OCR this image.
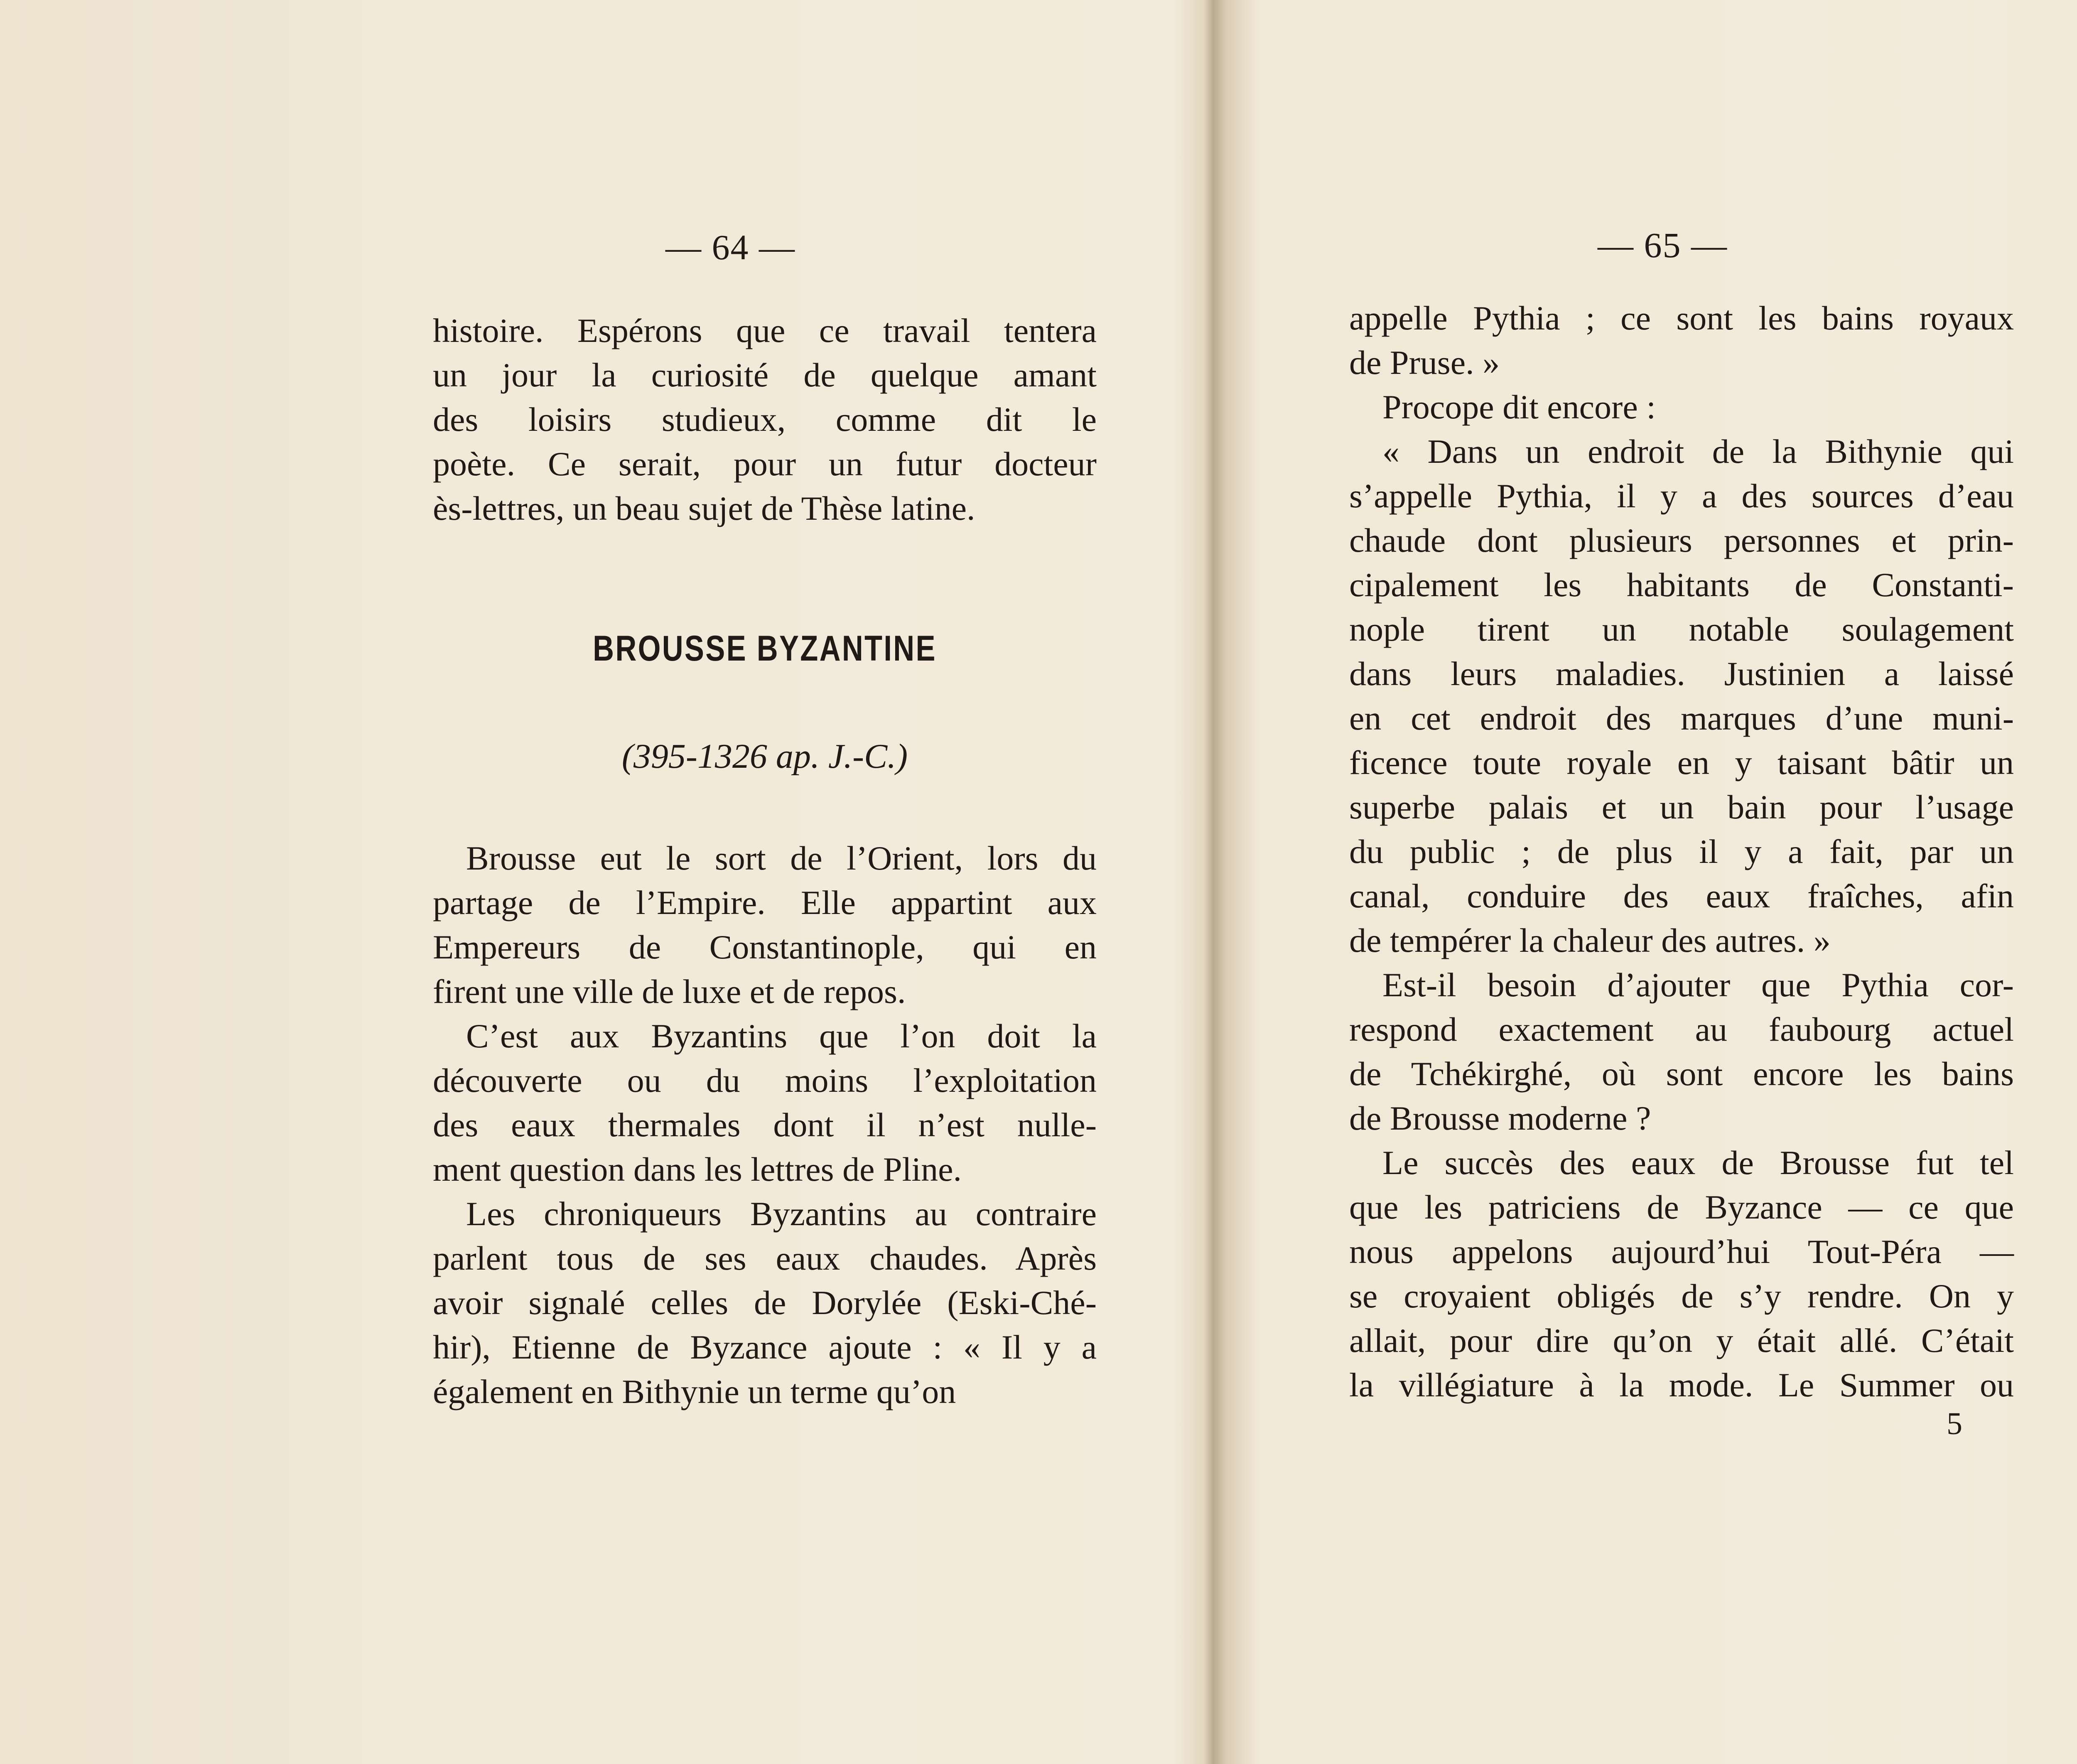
— 64 —

histoire. Espérons que ce travail tentera
un jour la curiosité de quelque amant
des loisirs studieux, comme dit le
poète. Ce serait, pour un futur docteur
ès-lettres, un beau sujet de Thèse latine.

BROUSSE BYZANTINE
(395-1326 ap. J.-C.)

Brousse eut le sort de l’Orient, lors du
partage de l’Empire. Elle appartint aux
Empereurs de Constantinople, qui en
firent une ville de luxe et de repos.

C’est aux Byzantins que l’on doit la
découverte ou du moins l’exploitation
des eaux thermales dont il n’est nulle-
ment question dans les lettres de Pline.

Les chroniqueurs Byzantins au contraire
parlent tous de ses eaux chaudes. Après
avoir signalé celles de Dorylée (Eski-Ché-
hir), Etienne de Byzance ajoute : « Il y a
également en Bithynie un terme qu’on

— 65 —

appelle Pythia ; ce sont les bains royaux
de Pruse. »

Procope dit encore :

« Dans un endroit de la Bithynie qui
s’appelle Pythia, il y a des sources d’eau
chaude dont plusieurs personnes et prin-
cipalement les habitants de Constanti-
nople tirent un notable soulagement
dans leurs maladies. Justinien a laissé
en cet endroit des marques d’une muni-
ficence toute royale en y taisant bâtir un
superbe palais et un bain pour l’usage
du public ; de plus il y a fait, par un
canal, conduire des eaux fraîches, afin
de tempérer la chaleur des autres. »

Est-il besoin d’ajouter que Pythia cor-
respond exactement au faubourg actuel
de Tchékirghé, où sont encore les bains
de Brousse moderne ?

Le succès des eaux de Brousse fut tel
que les patriciens de Byzance — ce que
nous appelons aujourd’hui Tout-Péra —
se croyaient obligés de s’y rendre. On y
allait, pour dire qu’on y était allé. C’était
la villégiature à la mode. Le Summer ou

5
